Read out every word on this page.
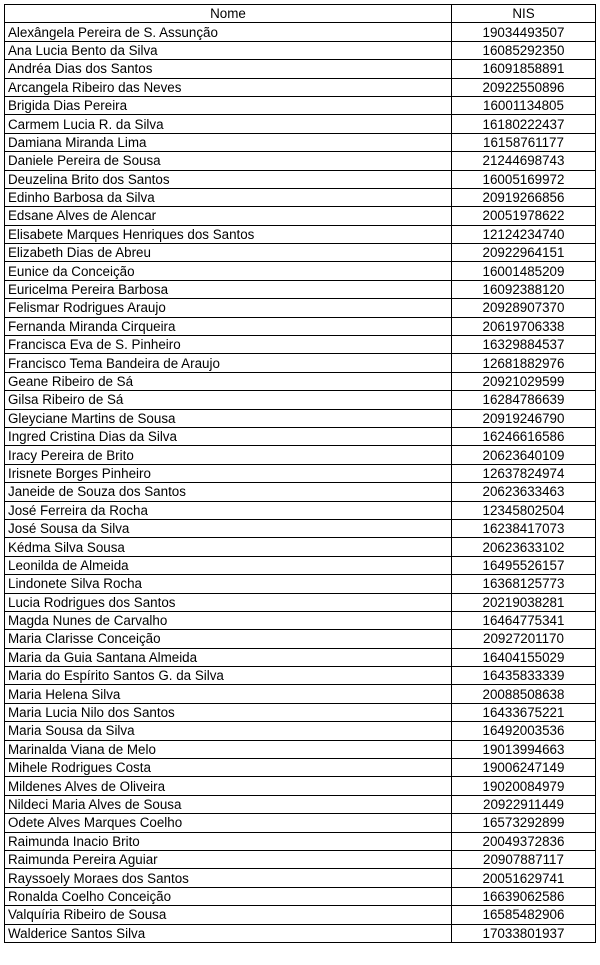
Nome	NIS
Alexângela Pereira de S. Assunção	19034493507
Ana Lucia Bento da Silva	16085292350
Andréa Dias dos Santos	16091858891
Arcangela Ribeiro das Neves	20922550896
Brigida Dias Pereira	16001134805
Carmem Lucia R. da Silva	16180222437
Damiana Miranda Lima	16158761177
Daniele Pereira de Sousa	21244698743
Deuzelina Brito dos Santos	16005169972
Edinho Barbosa da Silva	20919266856
Edsane Alves de Alencar	20051978622
Elisabete Marques Henriques dos Santos	12124234740
Elizabeth Dias de Abreu	20922964151
Eunice da Conceição	16001485209
Euricelma Pereira Barbosa	16092388120
Felismar Rodrigues Araujo	20928907370
Fernanda Miranda Cirqueira	20619706338
Francisca Eva de S. Pinheiro	16329884537
Francisco Tema Bandeira de Araujo	12681882976
Geane Ribeiro de Sá	20921029599
Gilsa Ribeiro de Sá	16284786639
Gleyciane Martins de Sousa	20919246790
Ingred Cristina Dias da Silva	16246616586
Iracy Pereira de Brito	20623640109
Irisnete Borges Pinheiro	12637824974
Janeide de Souza dos Santos	20623633463
José Ferreira da Rocha	12345802504
José Sousa da Silva	16238417073
Kédma Silva Sousa	20623633102
Leonilda de Almeida	16495526157
Lindonete Silva Rocha	16368125773
Lucia Rodrigues dos Santos	20219038281
Magda Nunes de Carvalho	16464775341
Maria Clarisse Conceição	20927201170
Maria da Guia Santana Almeida	16404155029
Maria do Espírito Santos G. da Silva	16435833339
Maria Helena Silva	20088508638
Maria Lucia Nilo dos Santos	16433675221
Maria Sousa da Silva	16492003536
Marinalda Viana de Melo	19013994663
Mihele Rodrigues Costa	19006247149
Mildenes Alves de Oliveira	19020084979
Nildeci Maria Alves de Sousa	20922911449
Odete Alves Marques Coelho	16573292899
Raimunda Inacio Brito	20049372836
Raimunda Pereira Aguiar	20907887117
Rayssoely Moraes dos Santos	20051629741
Ronalda Coelho Conceição	16639062586
Valquíria Ribeiro de Sousa	16585482906
Walderice Santos Silva	17033801937
